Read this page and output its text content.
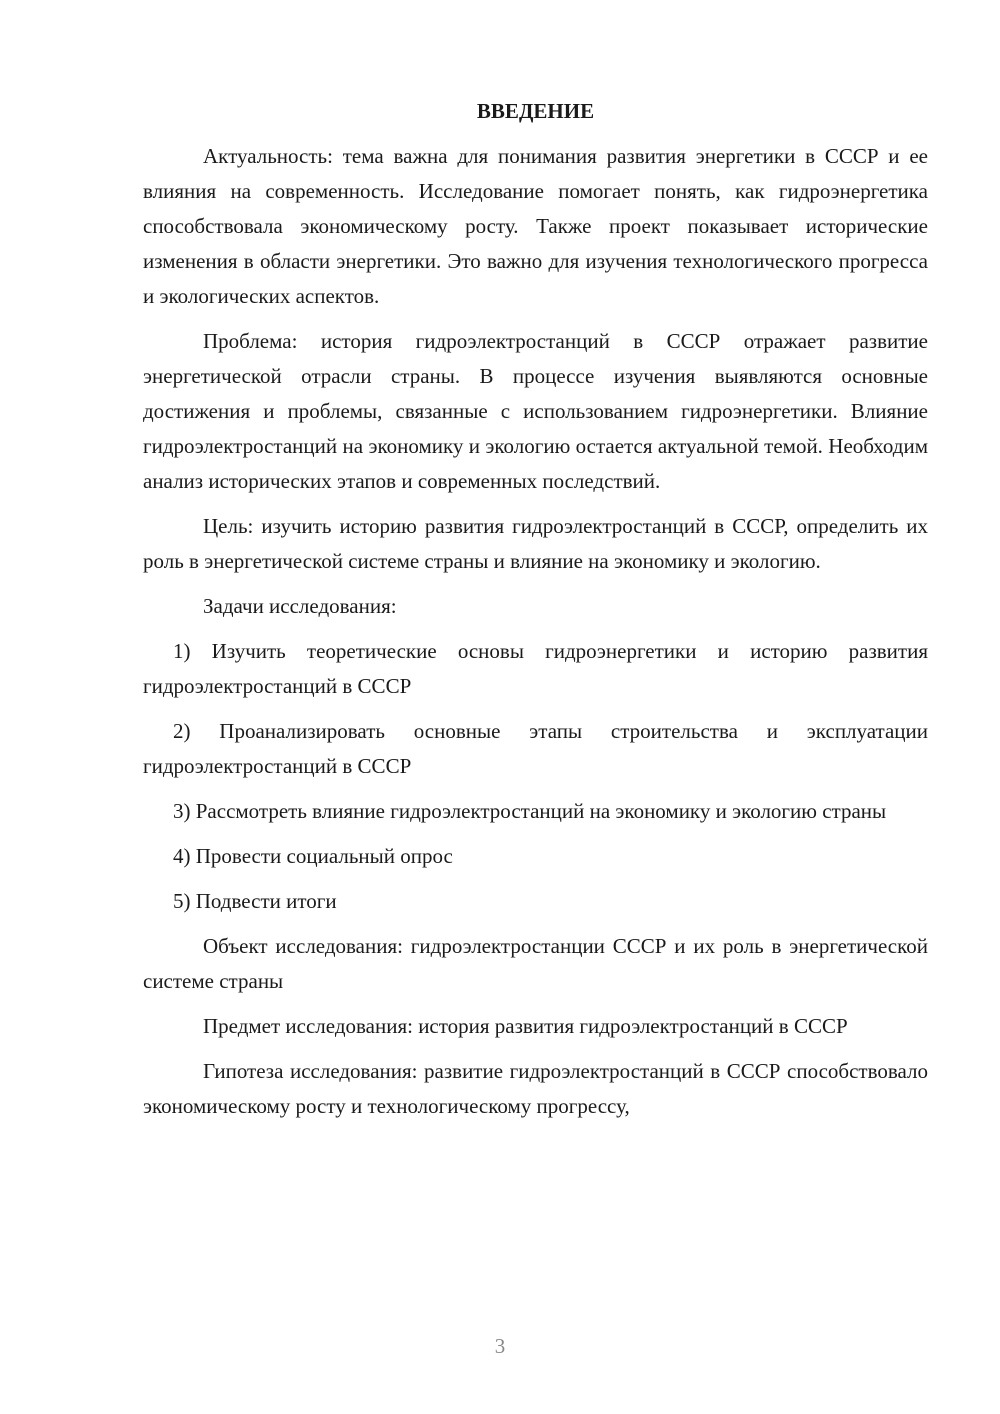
ВВЕДЕНИЕ

Актуальность: тема важна для понимания развития энергетики в СССР и ее влияния на современность. Исследование помогает понять, как гидроэнергетика способствовала экономическому росту. Также проект показывает исторические изменения в области энергетики. Это важно для изучения технологического прогресса и экологических аспектов.

Проблема: история гидроэлектростанций в СССР отражает развитие энергетической отрасли страны. В процессе изучения выявляются основные достижения и проблемы, связанные с использованием гидроэнергетики. Влияние гидроэлектростанций на экономику и экологию остается актуальной темой. Необходим анализ исторических этапов и современных последствий.

Цель: изучить историю развития гидроэлектростанций в СССР, определить их роль в энергетической системе страны и влияние на экономику и экологию.

Задачи исследования:

1) Изучить теоретические основы гидроэнергетики и историю развития гидроэлектростанций в СССР

2) Проанализировать основные этапы строительства и эксплуатации гидроэлектростанций в СССР

3) Рассмотреть влияние гидроэлектростанций на экономику и экологию страны

4) Провести социальный опрос

5) Подвести итоги

Объект исследования: гидроэлектростанции СССР и их роль в энергетической системе страны

Предмет исследования: история развития гидроэлектростанций в СССР

Гипотеза исследования: развитие гидроэлектростанций в СССР способствовало экономическому росту и технологическому прогрессу,

3
